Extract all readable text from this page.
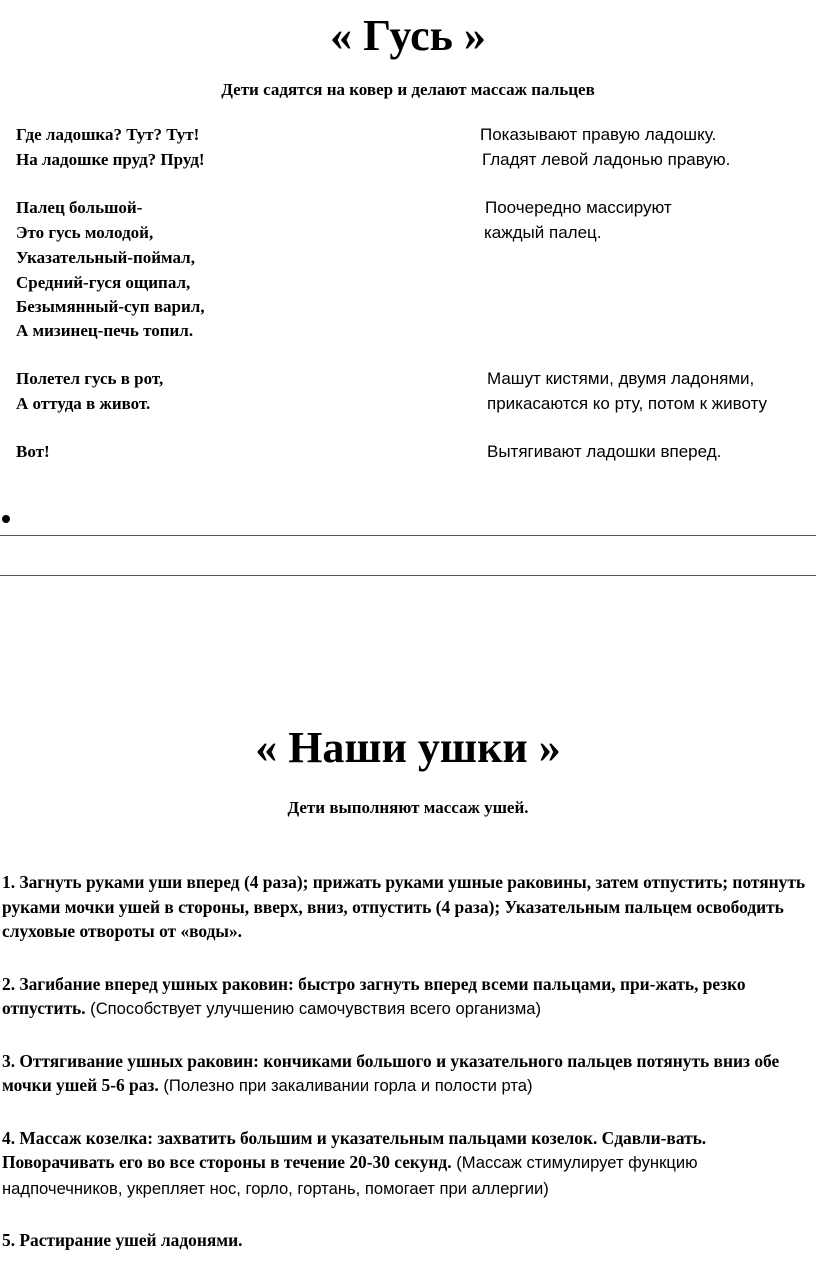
« Гусь »

Дети садятся на ковер и делают массаж пальцев

Где ладошка? Тут? Тут!	Показывают правую ладошку.
На ладошке пруд? Пруд!	Гладят левой ладонью правую.
Палец большой-	Поочередно массируют
Это гусь молодой,	каждый палец.
Указательный-поймал,
Средний-гуся ощипал,
Безымянный-суп варил,
А мизинец-печь топил.
Полетел гусь в рот,	Машут кистями, двумя ладонями,
А оттуда в живот.	прикасаются ко рту, потом к животу
Вот!	Вытягивают ладошки вперед.
« Наши ушки »

Дети выполняют массаж ушей.

1. Загнуть руками уши вперед (4 раза); прижать руками ушные раковины, затем отпустить; потянуть руками мочки ушей в стороны, вверх, вниз, отпустить (4 раза); Указательным пальцем освободить слуховые отвороты от «воды».

2. Загибание вперед ушных раковин: быстро загнуть вперед всеми пальцами, при-жать, резко отпустить. (Способствует улучшению самочувствия всего организма)

3. Оттягивание ушных раковин: кончиками большого и указательного пальцев потянуть вниз обе мочки ушей 5-6 раз. (Полезно при закаливании горла и полости рта)

4. Массаж козелка: захватить большим и указательным пальцами козелок. Сдавли-вать. Поворачивать его во все стороны в течение 20-30 секунд. (Массаж стимулирует функцию надпочечников, укрепляет нос, горло, гортань, помогает при аллергии)

5. Растирание ушей ладонями.
